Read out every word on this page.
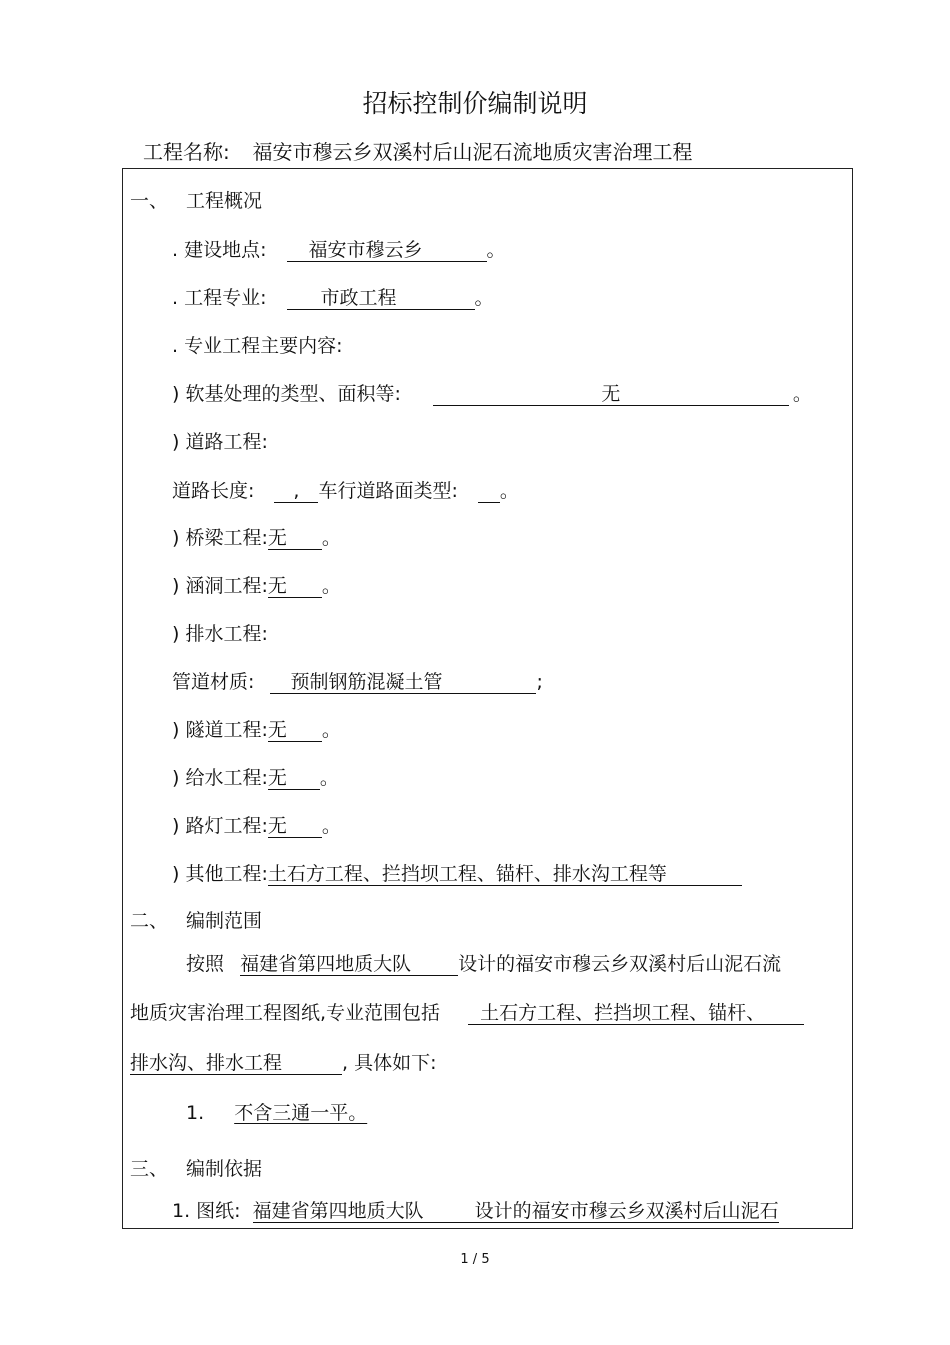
招标控制价编制说明
工程名称: 福安市穆云乡双溪村后山泥石流地质灾害治理工程
一、 工程概况
. 建设地点: 福安市穆云乡	。
. 工程专业:	市政工程	。
. 专业工程主要内容:
) 软基处理的类型、面积等:	无	。
) 道路工程:
道路长度: , 车行道路面类型: 。
) 桥梁工程:无 。
) 涵洞工程:无 。
) 排水工程:
管道材质: 预制钢筋混凝土管	;
) 隧道工程:无 。
) 给水工程:无 。
) 路灯工程:无 。
) 其他工程:土石方工程、拦挡坝工程、锚杆、排水沟工程等
二、 编制范围
按照 福建省第四地质大队 设计的福安市穆云乡双溪村后山泥石流
地质灾害治理工程图纸,专业范围包括 土石方工程、拦挡坝工程、锚杆、
排水沟、排水工程	, 具体如下:
1. 不含三通一平。
三、 编制依据
1. 图纸: 福建省第四地质大队	设计的福安市穆云乡双溪村后山泥石
1 / 5
